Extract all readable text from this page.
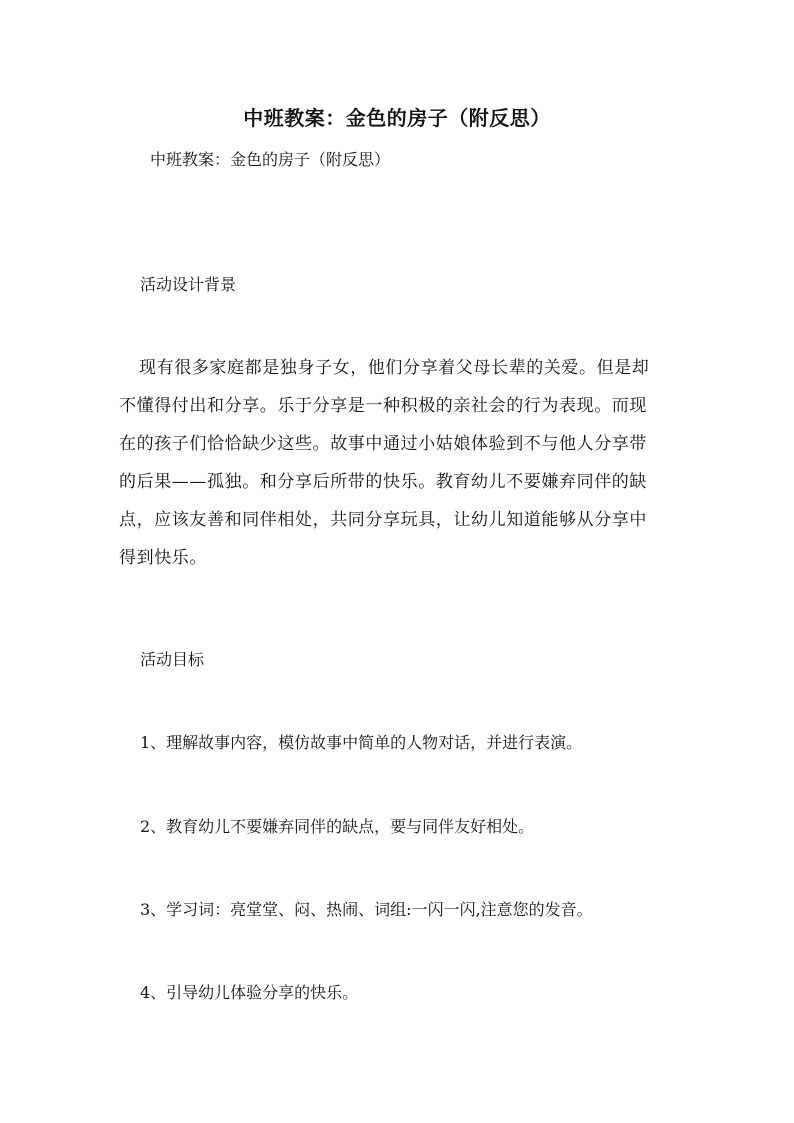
中班教案：金色的房子（附反思）
中班教案：金色的房子（附反思）
活动设计背景
现有很多家庭都是独身子女，他们分享着父母长辈的关爱。但是却
不懂得付出和分享。乐于分享是一种积极的亲社会的行为表现。而现
在的孩子们恰恰缺少这些。故事中通过小姑娘体验到不与他人分享带
的后果——孤独。和分享后所带的快乐。教育幼儿不要嫌弃同伴的缺
点，应该友善和同伴相处，共同分享玩具，让幼儿知道能够从分享中
得到快乐。
活动目标
1、理解故事内容，模仿故事中简单的人物对话，并进行表演。
2、教育幼儿不要嫌弃同伴的缺点，要与同伴友好相处。
3、学习词：亮堂堂、闷、热闹、词组:一闪一闪,注意您的发音。
4、引导幼儿体验分享的快乐。
